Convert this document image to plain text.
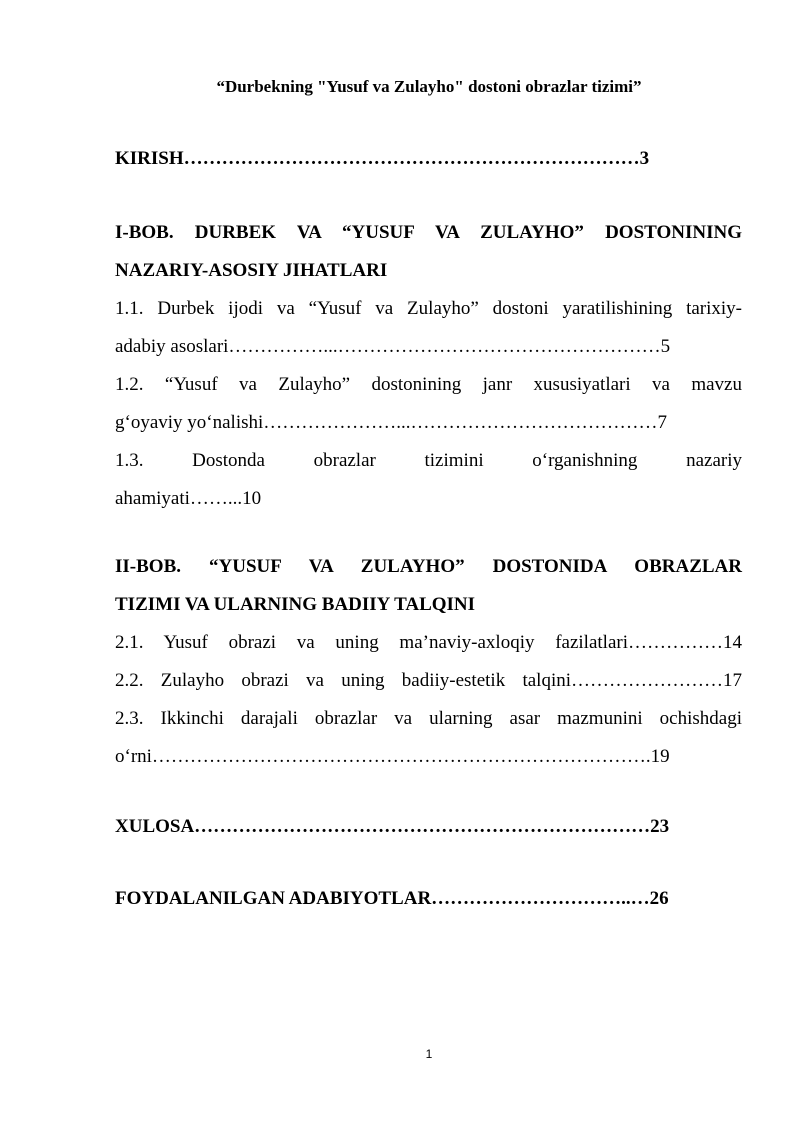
“Durbekning "Yusuf va Zulayho" dostoni obrazlar tizimi”
KIRISH………………………………………………………………3
I-BOB. DURBEK VA “YUSUF VA ZULAYHO” DOSTONINING
NAZARIY-ASOSIY JIHATLARI
1.1. Durbek ijodi va “Yusuf va Zulayho” dostoni yaratilishining tarixiy-
adabiy asoslari……………...……………………………………………5
1.2. “Yusuf va Zulayho” dostonining janr xususiyatlari va mavzu
g‘oyaviy yo‘nalishi…………………...…………………………………7
1.3. Dostonda obrazlar tizimini o‘rganishning nazariy
ahamiyati……...10
II-BOB. “YUSUF VA ZULAYHO” DOSTONIDA OBRAZLAR
TIZIMI VA ULARNING BADIIY TALQINI
2.1. Yusuf obrazi va uning ma’naviy-axloqiy fazilatlari……………14
2.2. Zulayho obrazi va uning badiiy-estetik talqini……………………17
2.3. Ikkinchi darajali obrazlar va ularning asar mazmunini ochishdagi
o‘rni…………………………………………………………………….19
XULOSA………………………………………………………………23
FOYDALANILGAN ADABIYOTLAR…………………………..…26
1
